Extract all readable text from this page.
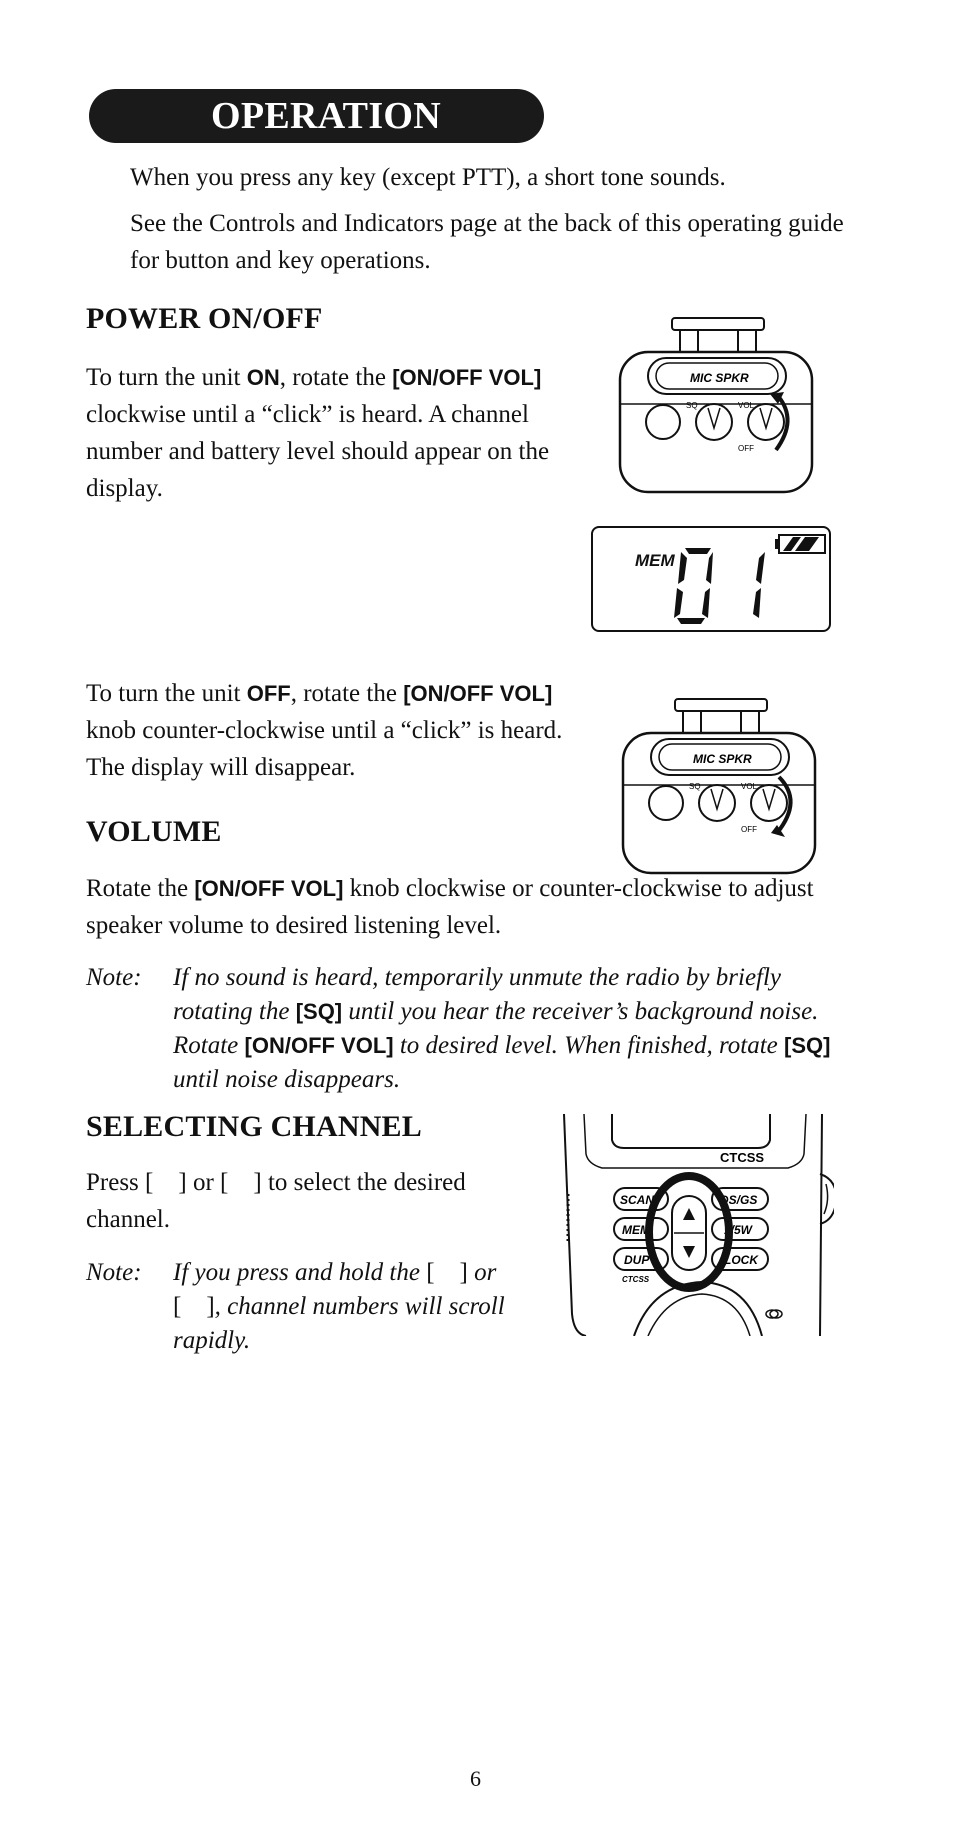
OPERATION

When you press any key (except PTT), a short tone sounds.

See the Controls and Indicators page at the back of this operating guide for button and key operations.

POWER ON/OFF

To turn the unit ON, rotate the [ON/OFF VOL] clockwise until a “click” is heard. A channel number and battery level should appear on the display.

MIC SPKR
SQ	VOL
OFF
MEM

To turn the unit OFF, rotate the [ON/OFF VOL] knob counter-clockwise until a “click” is heard. The display will disappear.	MIC SPKR
SQ	VOL
OFF
VOLUME

Rotate the [ON/OFF VOL] knob clockwise or counter-clockwise to adjust speaker volume to desired listening level.

Note: If no sound is heard, temporarily unmute the radio by briefly rotating the [SQ] until you hear the receiver’s background noise. Rotate [ON/OFF VOL] to desired level. When finished, rotate [SQ] until noise disappears.

SELECTING CHANNEL

Press [    ] or [    ] to select the desired channel.

Note: If you press and hold the [    ] or [    ], channel numbers will scroll rapidly.

CTCSS
SCAN
MEM
DUP
CTCSS
DS/GS
1/5W
LOCK
6
